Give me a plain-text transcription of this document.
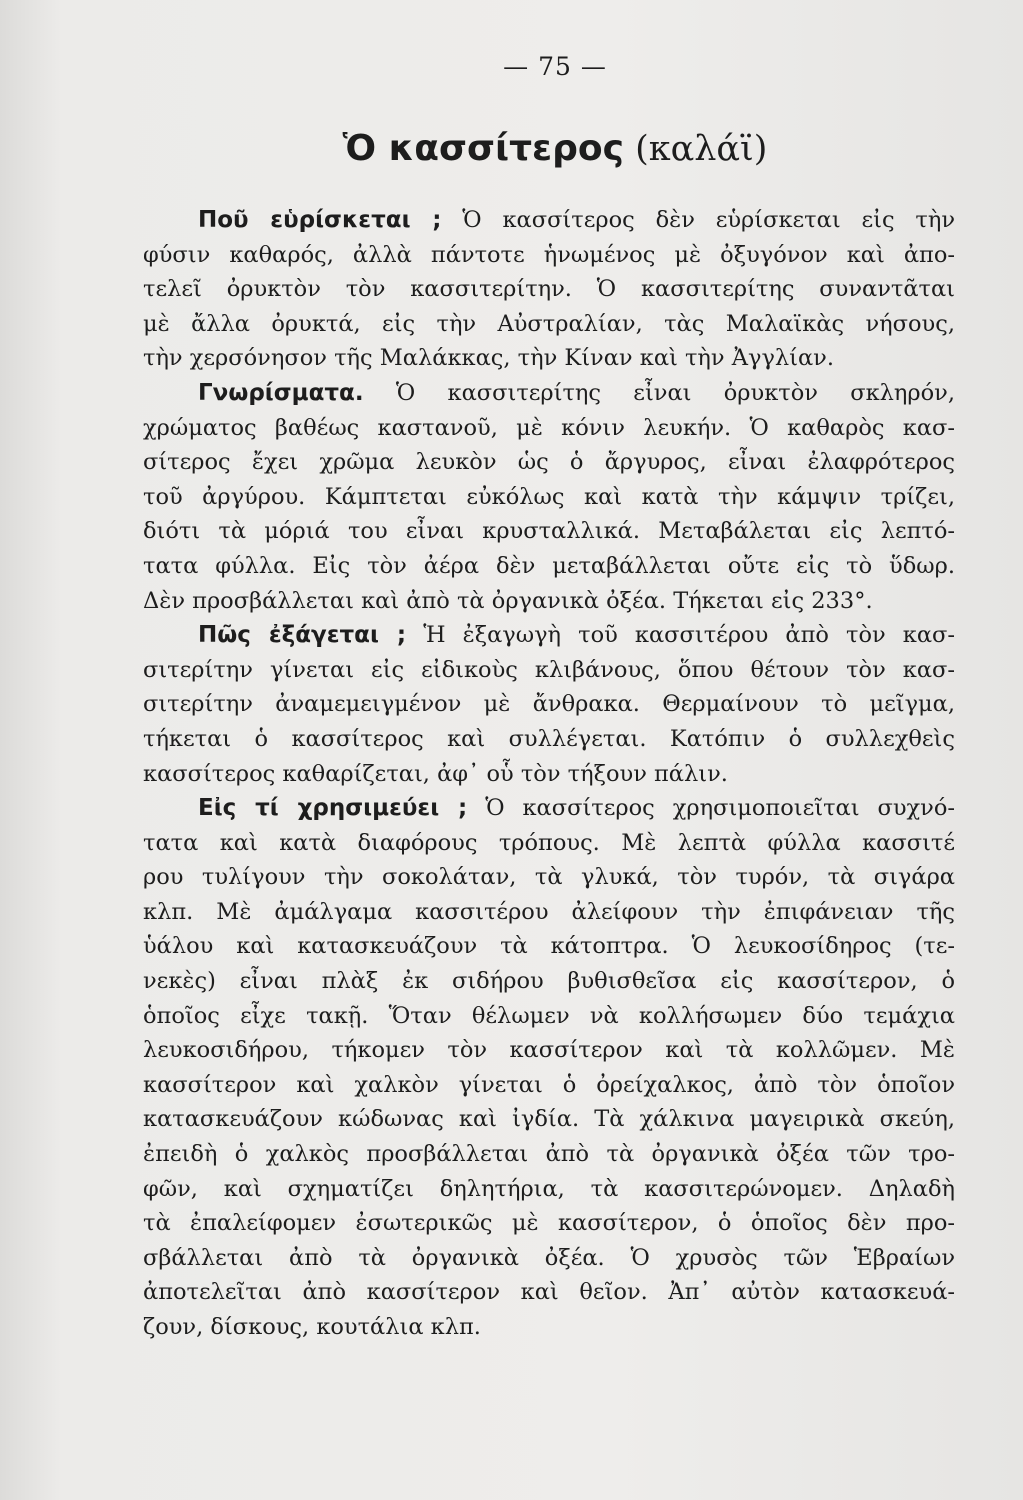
— 75 —
Ὁ κασσίτερος (καλάϊ)
Ποῦ εὑρίσκεται ; Ὁ κασσίτερος δὲν εὑρίσκεται εἰς τὴν
φύσιν καθαρός, ἀλλὰ πάντοτε ἡνωμένος μὲ ὀξυγόνον καὶ ἀπο-
τελεῖ ὀρυκτὸν τὸν κασσιτερίτην. Ὁ κασσιτερίτης συναντᾶται
μὲ ἄλλα ὀρυκτά, εἰς τὴν Αὐστραλίαν, τὰς Μαλαϊκὰς νήσους,
τὴν χερσόνησον τῆς Μαλάκκας, τὴν Κίναν καὶ τὴν Ἀγγλίαν.
Γνωρίσματα. Ὁ κασσιτερίτης εἶναι ὀρυκτὸν σκληρόν,
χρώματος βαθέως καστανοῦ, μὲ κόνιν λευκήν. Ὁ καθαρὸς κασ-
σίτερος ἔχει χρῶμα λευκὸν ὡς ὁ ἄργυρος, εἶναι ἐλαφρότερος
τοῦ ἀργύρου. Κάμπτεται εὐκόλως καὶ κατὰ τὴν κάμψιν τρίζει,
διότι τὰ μόριά του εἶναι κρυσταλλικά. Μεταβάλεται εἰς λεπτό-
τατα φύλλα. Εἰς τὸν ἀέρα δὲν μεταβάλλεται οὔτε εἰς τὸ ὕδωρ.
Δὲν προσβάλλεται καὶ ἀπὸ τὰ ὀργανικὰ ὀξέα. Τήκεται εἰς 233°.
Πῶς ἐξάγεται ; Ἡ ἐξαγωγὴ τοῦ κασσιτέρου ἀπὸ τὸν κασ-
σιτερίτην γίνεται εἰς εἰδικοὺς κλιβάνους, ὅπου θέτουν τὸν κασ-
σιτερίτην ἀναμεμειγμένον μὲ ἄνθρακα. Θερμαίνουν τὸ μεῖγμα,
τήκεται ὁ κασσίτερος καὶ συλλέγεται. Κατόπιν ὁ συλλεχθεὶς
κασσίτερος καθαρίζεται, ἀφ᾽ οὗ τὸν τήξουν πάλιν.
Εἰς τί χρησιμεύει ; Ὁ κασσίτερος χρησιμοποιεῖται συχνό-
τατα καὶ κατὰ διαφόρους τρόπους. Μὲ λεπτὰ φύλλα κασσιτέ
ρου τυλίγουν τὴν σοκολάταν, τὰ γλυκά, τὸν τυρόν, τὰ σιγάρα
κλπ. Μὲ ἀμάλγαμα κασσιτέρου ἀλείφουν τὴν ἐπιφάνειαν τῆς
ὑάλου καὶ κατασκευάζουν τὰ κάτοπτρα. Ὁ λευκοσίδηρος (τε-
νεκὲς) εἶναι πλὰξ ἐκ σιδήρου βυθισθεῖσα εἰς κασσίτερον, ὁ
ὁποῖος εἶχε τακῇ. Ὅταν θέλωμεν νὰ κολλήσωμεν δύο τεμάχια
λευκοσιδήρου, τήκομεν τὸν κασσίτερον καὶ τὰ κολλῶμεν. Μὲ
κασσίτερον καὶ χαλκὸν γίνεται ὁ ὀρείχαλκος, ἀπὸ τὸν ὁποῖον
κατασκευάζουν κώδωνας καὶ ἰγδία. Τὰ χάλκινα μαγειρικὰ σκεύη,
ἐπειδὴ ὁ χαλκὸς προσβάλλεται ἀπὸ τὰ ὀργανικὰ ὀξέα τῶν τρο-
φῶν, καὶ σχηματίζει δηλητήρια, τὰ κασσιτερώνομεν. Δηλαδὴ
τὰ ἐπαλείφομεν ἐσωτερικῶς μὲ κασσίτερον, ὁ ὁποῖος δὲν προ-
σβάλλεται ἀπὸ τὰ ὀργανικὰ ὀξέα. Ὁ χρυσὸς τῶν Ἑβραίων
ἀποτελεῖται ἀπὸ κασσίτερον καὶ θεῖον. Ἀπ᾽ αὐτὸν κατασκευά-
ζουν, δίσκους, κουτάλια κλπ.
